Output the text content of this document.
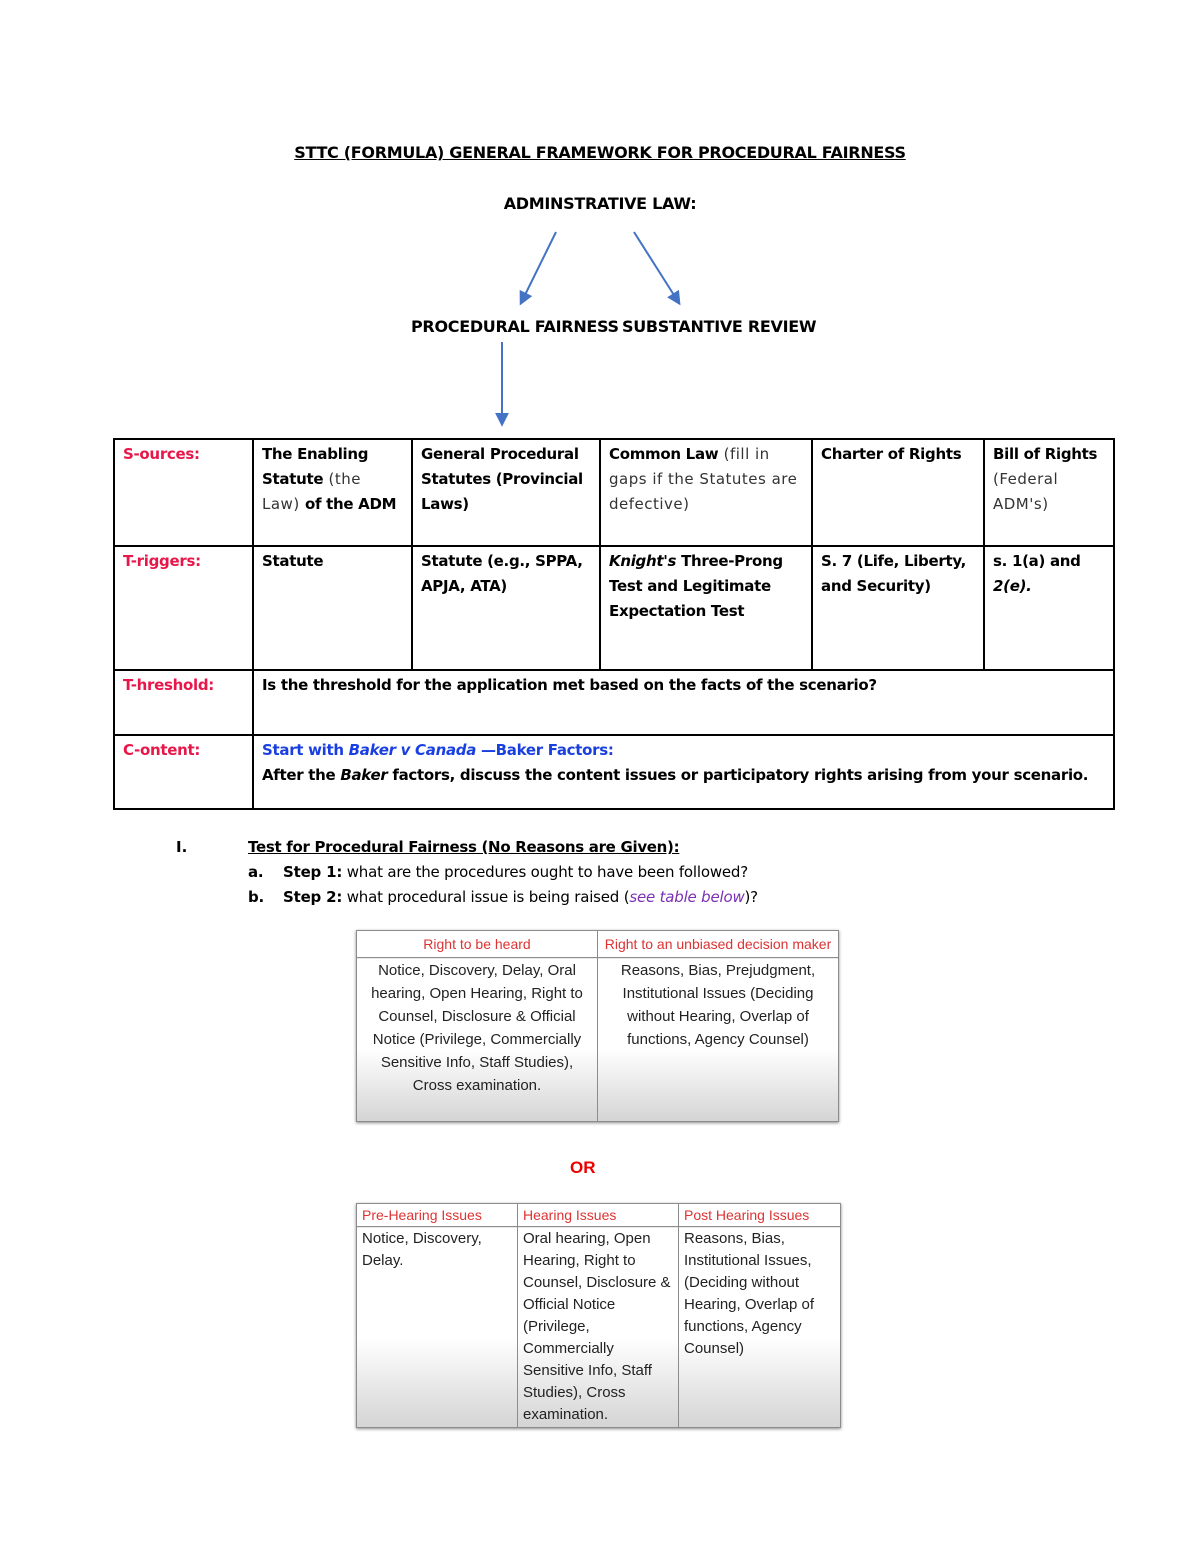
STTC (FORMULA) GENERAL FRAMEWORK FOR PROCEDURAL FAIRNESS
ADMINSTRATIVE LAW:
PROCEDURAL FAIRNESS SUBSTANTIVE REVIEW
S-ources:	The Enabling Statute (the Law) of the ADM	General Procedural Statutes (Provincial Laws)	Common Law (fill in gaps if the Statutes are defective)	Charter of Rights	Bill of Rights (Federal ADM's)
T-riggers:	Statute	Statute (e.g., SPPA, APJA, ATA)	Knight's Three-Prong Test and Legitimate Expectation Test	S. 7 (Life, Liberty, and Security)	s. 1(a) and 2(e).
T-hreshold:	Is the threshold for the application met based on the facts of the scenario?				
C-ontent:	Start with Baker v Canada —Baker Factors:
After the Baker factors, discuss the content issues or participatory rights arising from your scenario.				
I.	Test for Procedural Fairness (No Reasons are Given):
a. Step 1: what are the procedures ought to have been followed?
b. Step 2: what procedural issue is being raised (see table below)?
Right to be heard	Right to an unbiased decision maker
Notice, Discovery, Delay, Oral hearing, Open Hearing, Right to Counsel, Disclosure & Official Notice (Privilege, Commercially Sensitive Info, Staff Studies), Cross examination.	Reasons, Bias, Prejudgment, Institutional Issues (Deciding without Hearing, Overlap of functions, Agency Counsel)
OR
Pre-Hearing Issues	Hearing Issues	Post Hearing Issues
Notice, Discovery, Delay.	Oral hearing, Open Hearing, Right to Counsel, Disclosure & Official Notice (Privilege, Commercially Sensitive Info, Staff Studies), Cross examination.	Reasons, Bias, Institutional Issues, (Deciding without Hearing, Overlap of functions, Agency Counsel)
